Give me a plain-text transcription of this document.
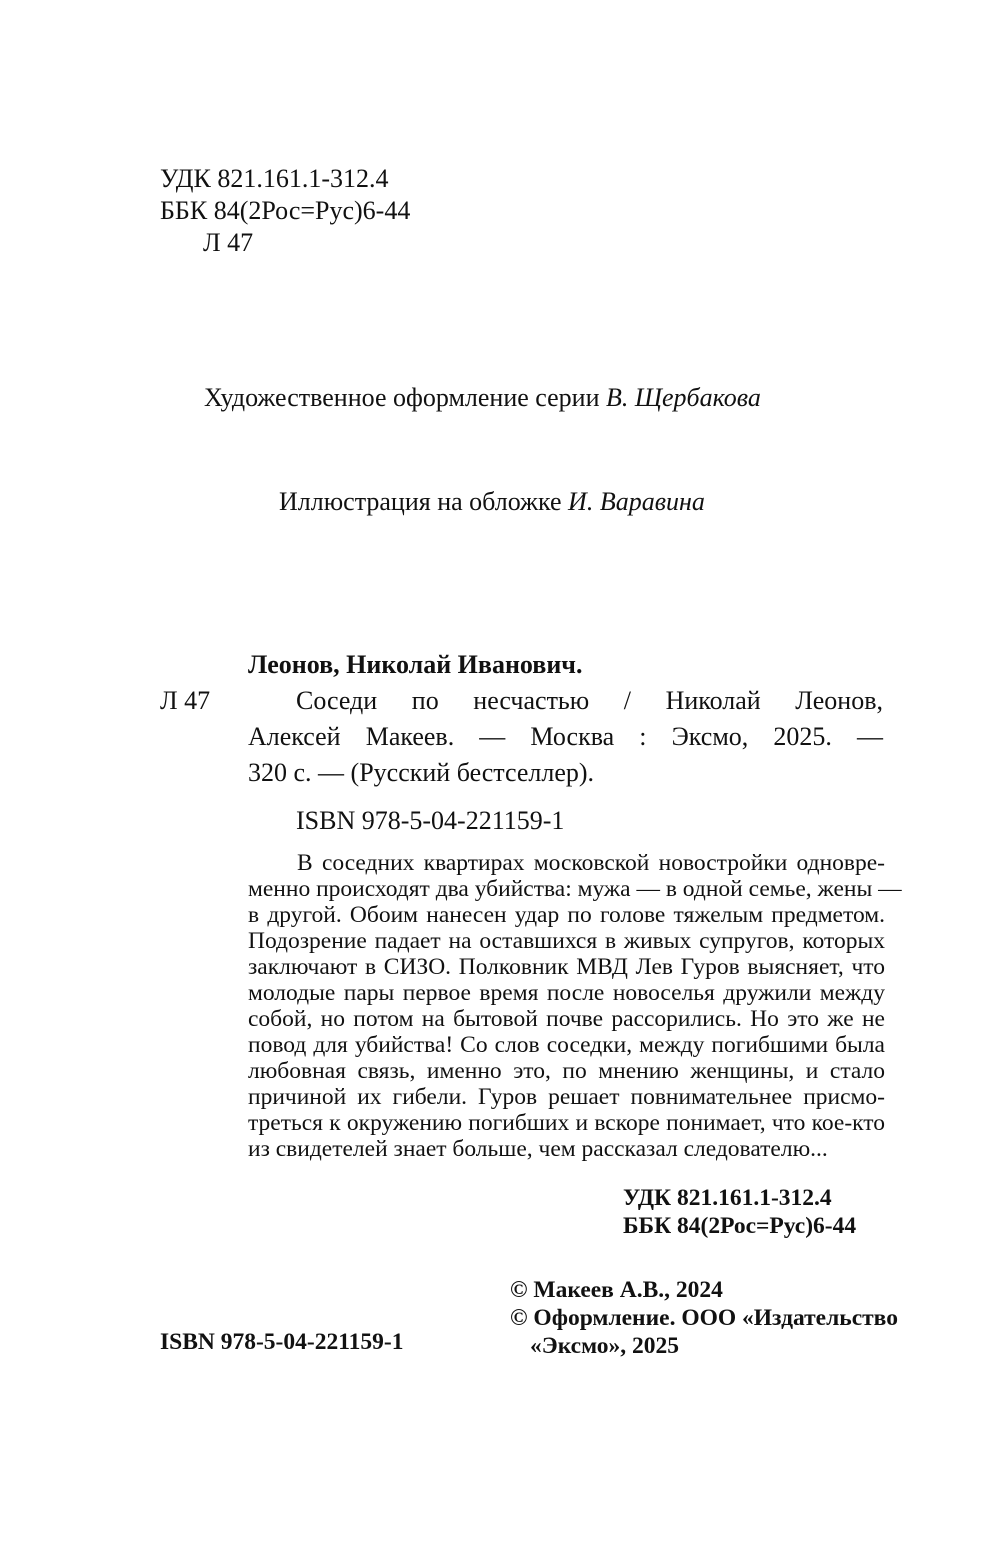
УДК 821.161.1-312.4
ББК 84(2Рос=Рус)6-44
Л 47
Художественное оформление серии В. Щербакова
Иллюстрация на обложке И. Варавина
Леонов, Николай Иванович.
Л 47	Соседи по несчастью / Николай Леонов,
Алексей Макеев. — Москва : Эксмо, 2025. —
320 с. — (Русский бестселлер).
ISBN 978-5-04-221159-1
В соседних квартирах московской новостройки одновре-
менно происходят два убийства: мужа — в одной семье, жены —
в другой. Обоим нанесен удар по голове тяжелым предметом.
Подозрение падает на оставшихся в живых супругов, которых
заключают в СИЗО. Полковник МВД Лев Гуров выясняет, что
молодые пары первое время после новоселья дружили между
собой, но потом на бытовой почве рассорились. Но это же не
повод для убийства! Со слов соседки, между погибшими была
любовная связь, именно это, по мнению женщины, и стало
причиной их гибели. Гуров решает повнимательнее присмо-
треться к окружению погибших и вскоре понимает, что кое-кто
из свидетелей знает больше, чем рассказал следователю...
УДК 821.161.1-312.4
ББК 84(2Рос=Рус)6-44
© Макеев А.В., 2024
© Оформление. ООО «Издательство
«Эксмо», 2025
ISBN 978-5-04-221159-1
